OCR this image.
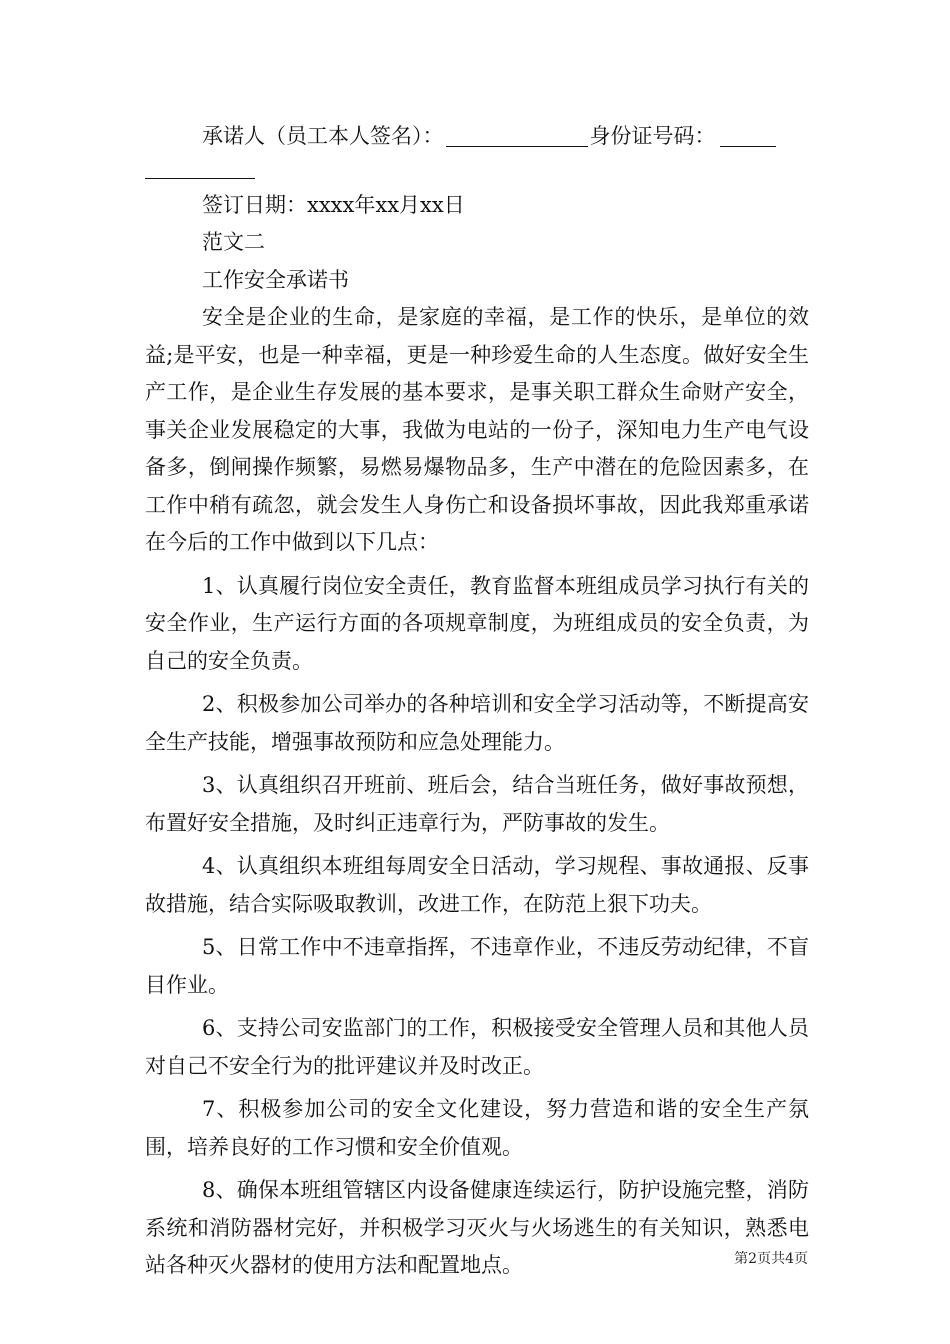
承诺人（员工本人签名）：	身份证号码：

签订日期：xxxx年xx月xx日

范文二

工作安全承诺书

安全是企业的生命，是家庭的幸福，是工作的快乐，是单位的效益;是平安，也是一种幸福，更是一种珍爱生命的人生态度。做好安全生产工作，是企业生存发展的基本要求，是事关职工群众生命财产安全，事关企业发展稳定的大事，我做为电站的一份子，深知电力生产电气设备多，倒闸操作频繁，易燃易爆物品多，生产中潜在的危险因素多，在工作中稍有疏忽，就会发生人身伤亡和设备损坏事故，因此我郑重承诺在今后的工作中做到以下几点：

1、认真履行岗位安全责任，教育监督本班组成员学习执行有关的安全作业，生产运行方面的各项规章制度，为班组成员的安全负责，为自己的安全负责。

2、积极参加公司举办的各种培训和安全学习活动等，不断提高安全生产技能，增强事故预防和应急处理能力。

3、认真组织召开班前、班后会，结合当班任务，做好事故预想，布置好安全措施，及时纠正违章行为，严防事故的发生。

4、认真组织本班组每周安全日活动，学习规程、事故通报、反事故措施，结合实际吸取教训，改进工作，在防范上狠下功夫。

5、日常工作中不违章指挥，不违章作业，不违反劳动纪律，不盲目作业。

6、支持公司安监部门的工作，积极接受安全管理人员和其他人员对自己不安全行为的批评建议并及时改正。

7、积极参加公司的安全文化建设，努力营造和谐的安全生产氛围，培养良好的工作习惯和安全价值观。

8、确保本班组管辖区内设备健康连续运行，防护设施完整，消防系统和消防器材完好，并积极学习灭火与火场逃生的有关知识，熟悉电站各种灭火器材的使用方法和配置地点。	第2页共4页
